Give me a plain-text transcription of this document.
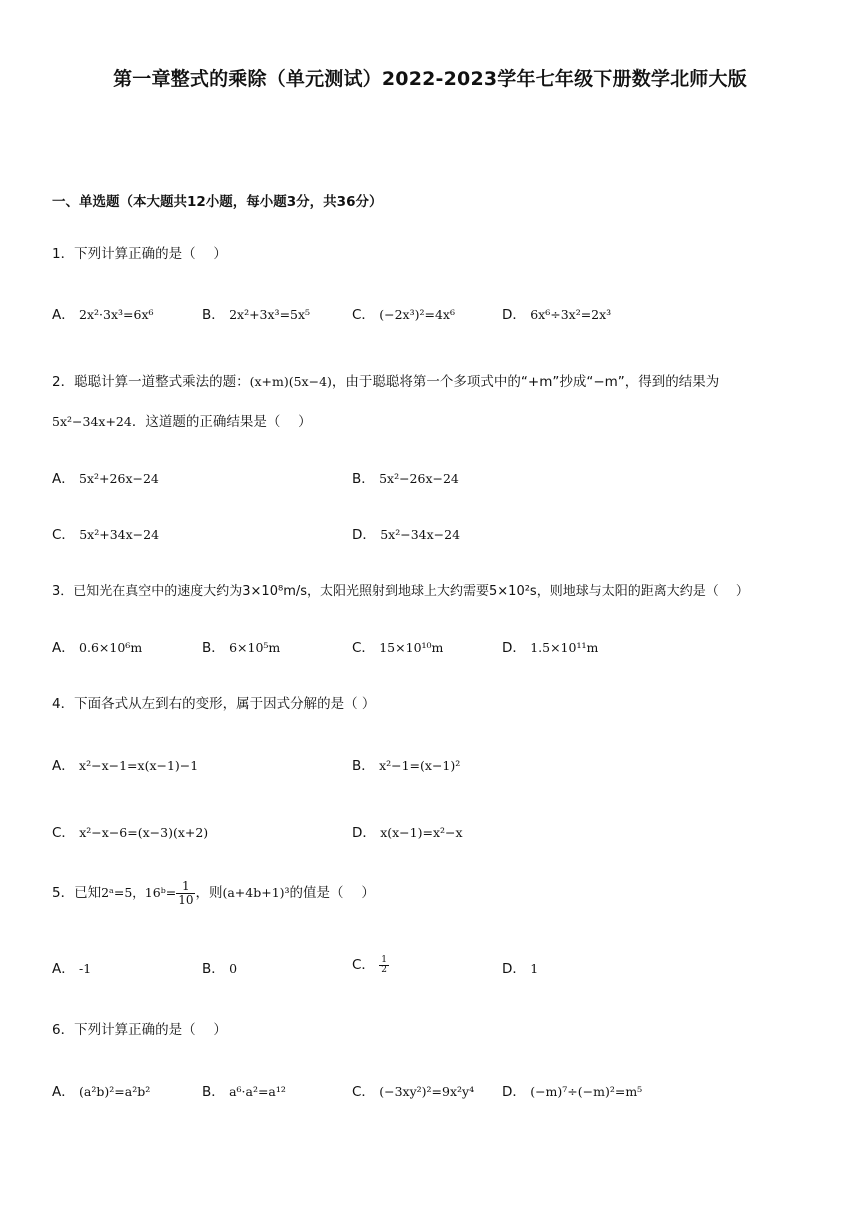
第一章整式的乘除（单元测试）2022-2023学年七年级下册数学北师大版
一、单选题（本大题共12小题，每小题3分，共36分）
1．下列计算正确的是（　 ）
A． 2x²·3x³=6x⁶	B． 2x²+3x³=5x⁵	C． (−2x³)²=4x⁶	D． 6x⁶÷3x²=2x³
2．聪聪计算一道整式乘法的题：(x+m)(5x−4)，由于聪聪将第一个多项式中的“+m”抄成“−m”，得到的结果为
5x²−34x+24．这道题的正确结果是（　 ）
A． 5x²+26x−24	B． 5x²−26x−24
C． 5x²+34x−24	D． 5x²−34x−24
3．已知光在真空中的速度大约为3×10⁸m/s，太阳光照射到地球上大约需要5×10²s，则地球与太阳的距离大约是（　 ）
A． 0.6×10⁶m	B． 6×10⁵m	C． 15×10¹⁰m	D． 1.5×10¹¹m
4．下面各式从左到右的变形，属于因式分解的是（ ）
A． x²−x−1=x(x−1)−1	B． x²−1=(x−1)²
C． x²−x−6=(x−3)(x+2)	D． x(x−1)=x²−x
5．已知2ᵃ=5，16ᵇ= $\frac{1}{10}$ ，则(a+4b+1)³的值是（　 ）
A． -1	B． 0	C． $\frac{1}{2}$	D． 1
6．下列计算正确的是（　 ）
A． (a²b)²=a²b²	B． a⁶·a²=a¹²	C． (−3xy²)²=9x²y⁴ D． (−m)⁷÷(−m)²=m⁵
